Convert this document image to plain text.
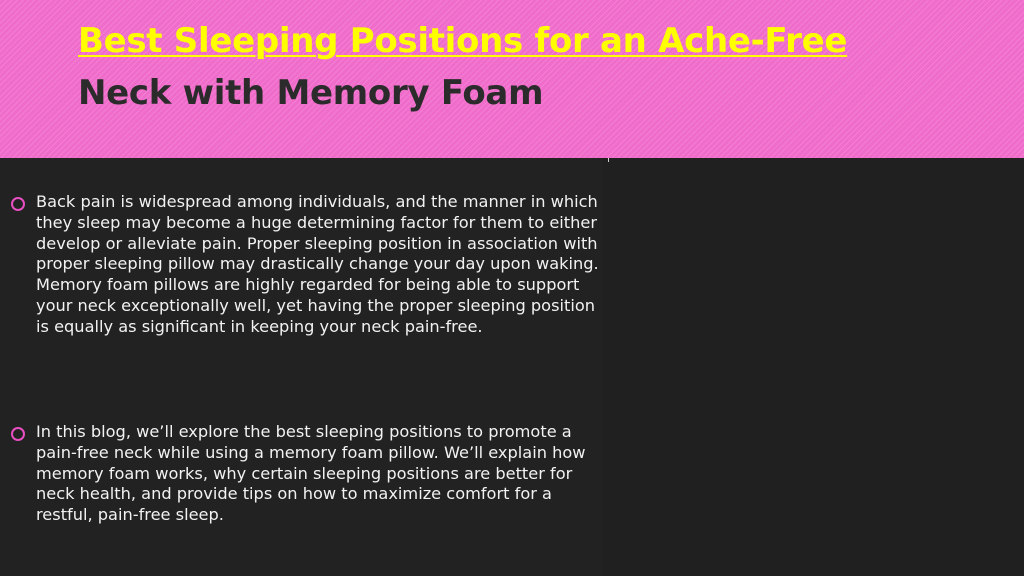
Best Sleeping Positions for an Ache-Free
Neck with Memory Foam

Back pain is widespread among individuals, and the manner in which they sleep may become a huge determining factor for them to either develop or alleviate pain. Proper sleeping position in association with proper sleeping pillow may drastically change your day upon waking. Memory foam pillows are highly regarded for being able to support your neck exceptionally well, yet having the proper sleeping position is equally as significant in keeping your neck pain-free.

In this blog, we’ll explore the best sleeping positions to promote a pain-free neck while using a memory foam pillow. We’ll explain how memory foam works, why certain sleeping positions are better for neck health, and provide tips on how to maximize comfort for a restful, pain-free sleep.
